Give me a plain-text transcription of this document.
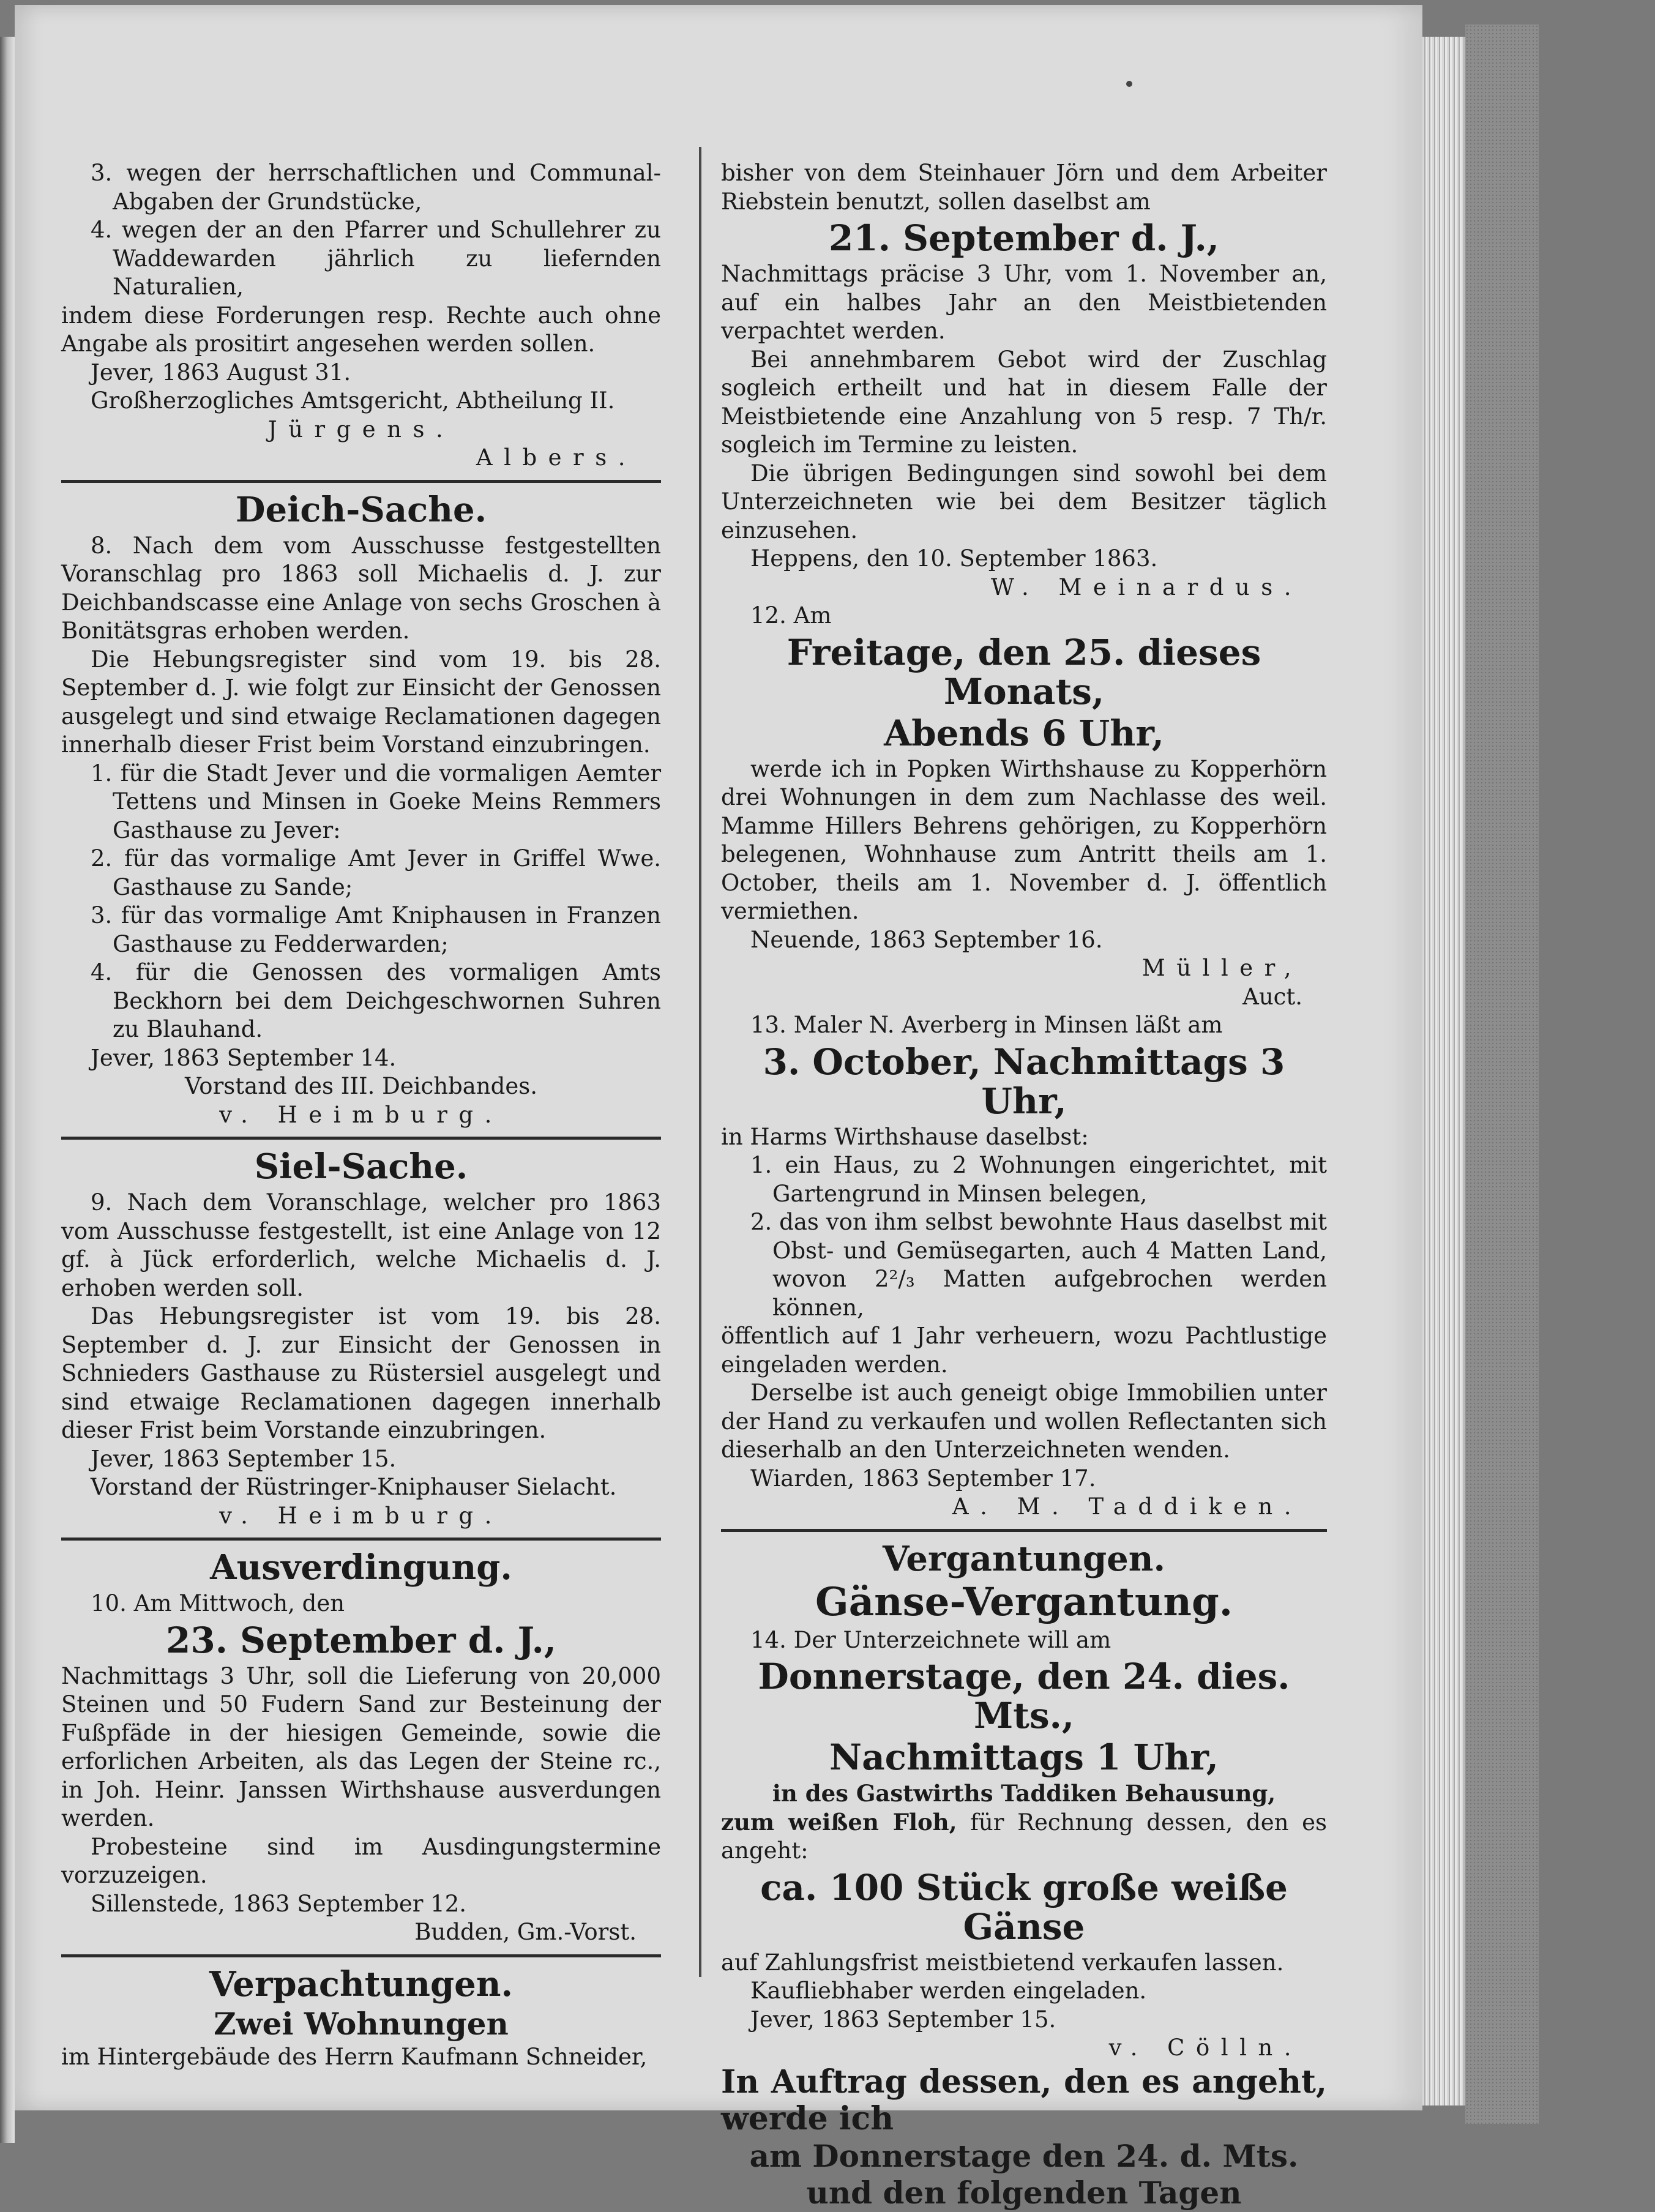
3. wegen der herrschaftlichen und Communal-Abgaben der Grundstücke,

4. wegen der an den Pfarrer und Schullehrer zu Waddewarden jährlich zu liefernden Naturalien,

indem diese Forderungen resp. Rechte auch ohne Angabe als prositirt angesehen werden sollen.

Jever, 1863 August 31.

Großherzogliches Amtsgericht, Abtheilung II.

Jürgens.

Albers.

Deich-Sache.

8. Nach dem vom Ausschusse festgestellten Voranschlag pro 1863 soll Michaelis d. J. zur Deichbandscasse eine Anlage von sechs Groschen à Bonitätsgras erhoben werden.

Die Hebungsregister sind vom 19. bis 28. September d. J. wie folgt zur Einsicht der Genossen ausgelegt und sind etwaige Reclamationen dagegen innerhalb dieser Frist beim Vorstand einzubringen.

1. für die Stadt Jever und die vormaligen Aemter Tettens und Minsen in Goeke Meins Remmers Gasthause zu Jever:

2. für das vormalige Amt Jever in Griffel Wwe. Gasthause zu Sande;

3. für das vormalige Amt Kniphausen in Franzen Gasthause zu Fedderwarden;

4. für die Genossen des vormaligen Amts Beckhorn bei dem Deichgeschwornen Suhren zu Blauhand.

Jever, 1863 September 14.

Vorstand des III. Deichbandes.

v. Heimburg.

Siel-Sache.

9. Nach dem Voranschlage, welcher pro 1863 vom Ausschusse festgestellt, ist eine Anlage von 12 gf. à Jück erforderlich, welche Michaelis d. J. erhoben werden soll.

Das Hebungsregister ist vom 19. bis 28. September d. J. zur Einsicht der Genossen in Schnieders Gasthause zu Rüstersiel ausgelegt und sind etwaige Reclamationen dagegen innerhalb dieser Frist beim Vorstande einzubringen.

Jever, 1863 September 15.

Vorstand der Rüstringer-Kniphauser Sielacht.

v. Heimburg.

Ausverdingung.

10. Am Mittwoch, den

23. September d. J.,

Nachmittags 3 Uhr, soll die Lieferung von 20,000 Steinen und 50 Fudern Sand zur Besteinung der Fußpfäde in der hiesigen Gemeinde, sowie die erforlichen Arbeiten, als das Legen der Steine rc., in Joh. Heinr. Janssen Wirthshause ausverdungen werden.

Probesteine sind im Ausdingungstermine vorzuzeigen.

Sillenstede, 1863 September 12.

Budden, Gm.-Vorst.

Verpachtungen.
Zwei Wohnungen

im Hintergebäude des Herrn Kaufmann Schneider,

bisher von dem Steinhauer Jörn und dem Arbeiter Riebstein benutzt, sollen daselbst am

21. September d. J.,

Nachmittags präcise 3 Uhr, vom 1. November an, auf ein halbes Jahr an den Meistbietenden verpachtet werden.

Bei annehmbarem Gebot wird der Zuschlag sogleich ertheilt und hat in diesem Falle der Meistbietende eine Anzahlung von 5 resp. 7 Th/r. sogleich im Termine zu leisten.

Die übrigen Bedingungen sind sowohl bei dem Unterzeichneten wie bei dem Besitzer täglich einzusehen.

Heppens, den 10. September 1863.

W. Meinardus.

12. Am

Freitage, den 25. dieses Monats,
Abends 6 Uhr,

werde ich in Popken Wirthshause zu Kopperhörn drei Wohnungen in dem zum Nachlasse des weil. Mamme Hillers Behrens gehörigen, zu Kopperhörn belegenen, Wohnhause zum Antritt theils am 1. October, theils am 1. November d. J. öffentlich vermiethen.

Neuende, 1863 September 16.

Müller,

Auct.

13. Maler N. Averberg in Minsen läßt am

3. October, Nachmittags 3 Uhr,

in Harms Wirthshause daselbst:

1. ein Haus, zu 2 Wohnungen eingerichtet, mit Gartengrund in Minsen belegen,

2. das von ihm selbst bewohnte Haus daselbst mit Obst- und Gemüsegarten, auch 4 Matten Land, wovon 2²/₃ Matten aufgebrochen werden können,

öffentlich auf 1 Jahr verheuern, wozu Pachtlustige eingeladen werden.

Derselbe ist auch geneigt obige Immobilien unter der Hand zu verkaufen und wollen Reflectanten sich dieserhalb an den Unterzeichneten wenden.

Wiarden, 1863 September 17.

A. M. Taddiken.

Vergantungen.
Gänse-Vergantung.

14. Der Unterzeichnete will am

Donnerstage, den 24. dies. Mts.,
Nachmittags 1 Uhr,

in des Gastwirths Taddiken Behausung,

zum weißen Floh, für Rechnung dessen, den es angeht:

ca. 100 Stück große weiße Gänse

auf Zahlungsfrist meistbietend verkaufen lassen.

Kaufliebhaber werden eingeladen.

Jever, 1863 September 15.

v. Cölln.

In Auftrag dessen, den es angeht, werde ich
am Donnerstage den 24. d. Mts.
und den folgenden Tagen
